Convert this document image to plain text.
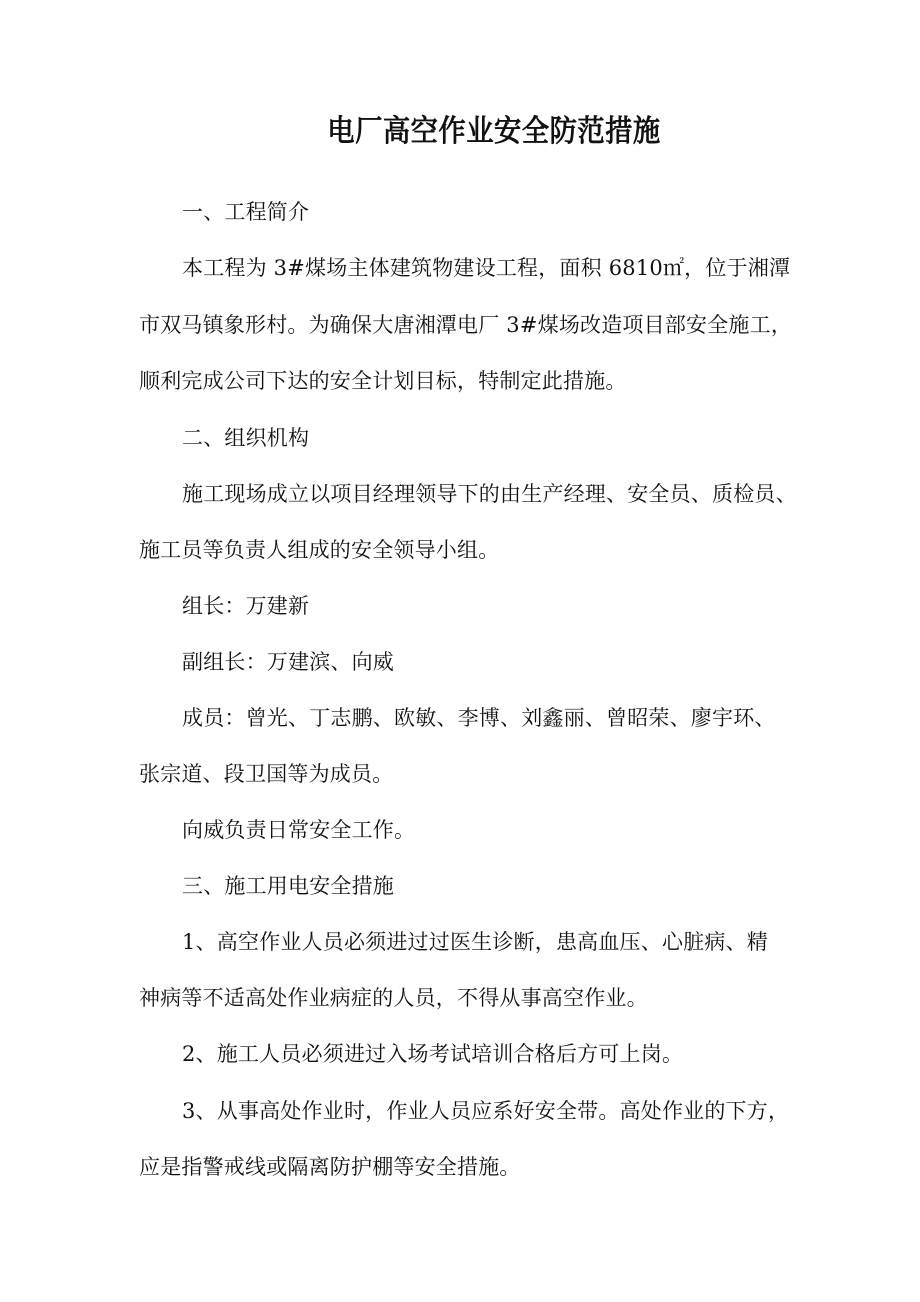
电厂高空作业安全防范措施
一、工程简介
本工程为 3#煤场主体建筑物建设工程，面积 6810㎡，位于湘潭
市双马镇象形村。为确保大唐湘潭电厂 3#煤场改造项目部安全施工，
顺利完成公司下达的安全计划目标，特制定此措施。
二、组织机构
施工现场成立以项目经理领导下的由生产经理、安全员、质检员、
施工员等负责人组成的安全领导小组。
组长：万建新
副组长：万建滨、向威
成员：曾光、丁志鹏、欧敏、李博、刘鑫丽、曾昭荣、廖宇环、
张宗道、段卫国等为成员。
向威负责日常安全工作。
三、施工用电安全措施
1、高空作业人员必须进过过医生诊断，患高血压、心脏病、精
神病等不适高处作业病症的人员，不得从事高空作业。
2、施工人员必须进过入场考试培训合格后方可上岗。
3、从事高处作业时，作业人员应系好安全带。高处作业的下方，
应是指警戒线或隔离防护棚等安全措施。
